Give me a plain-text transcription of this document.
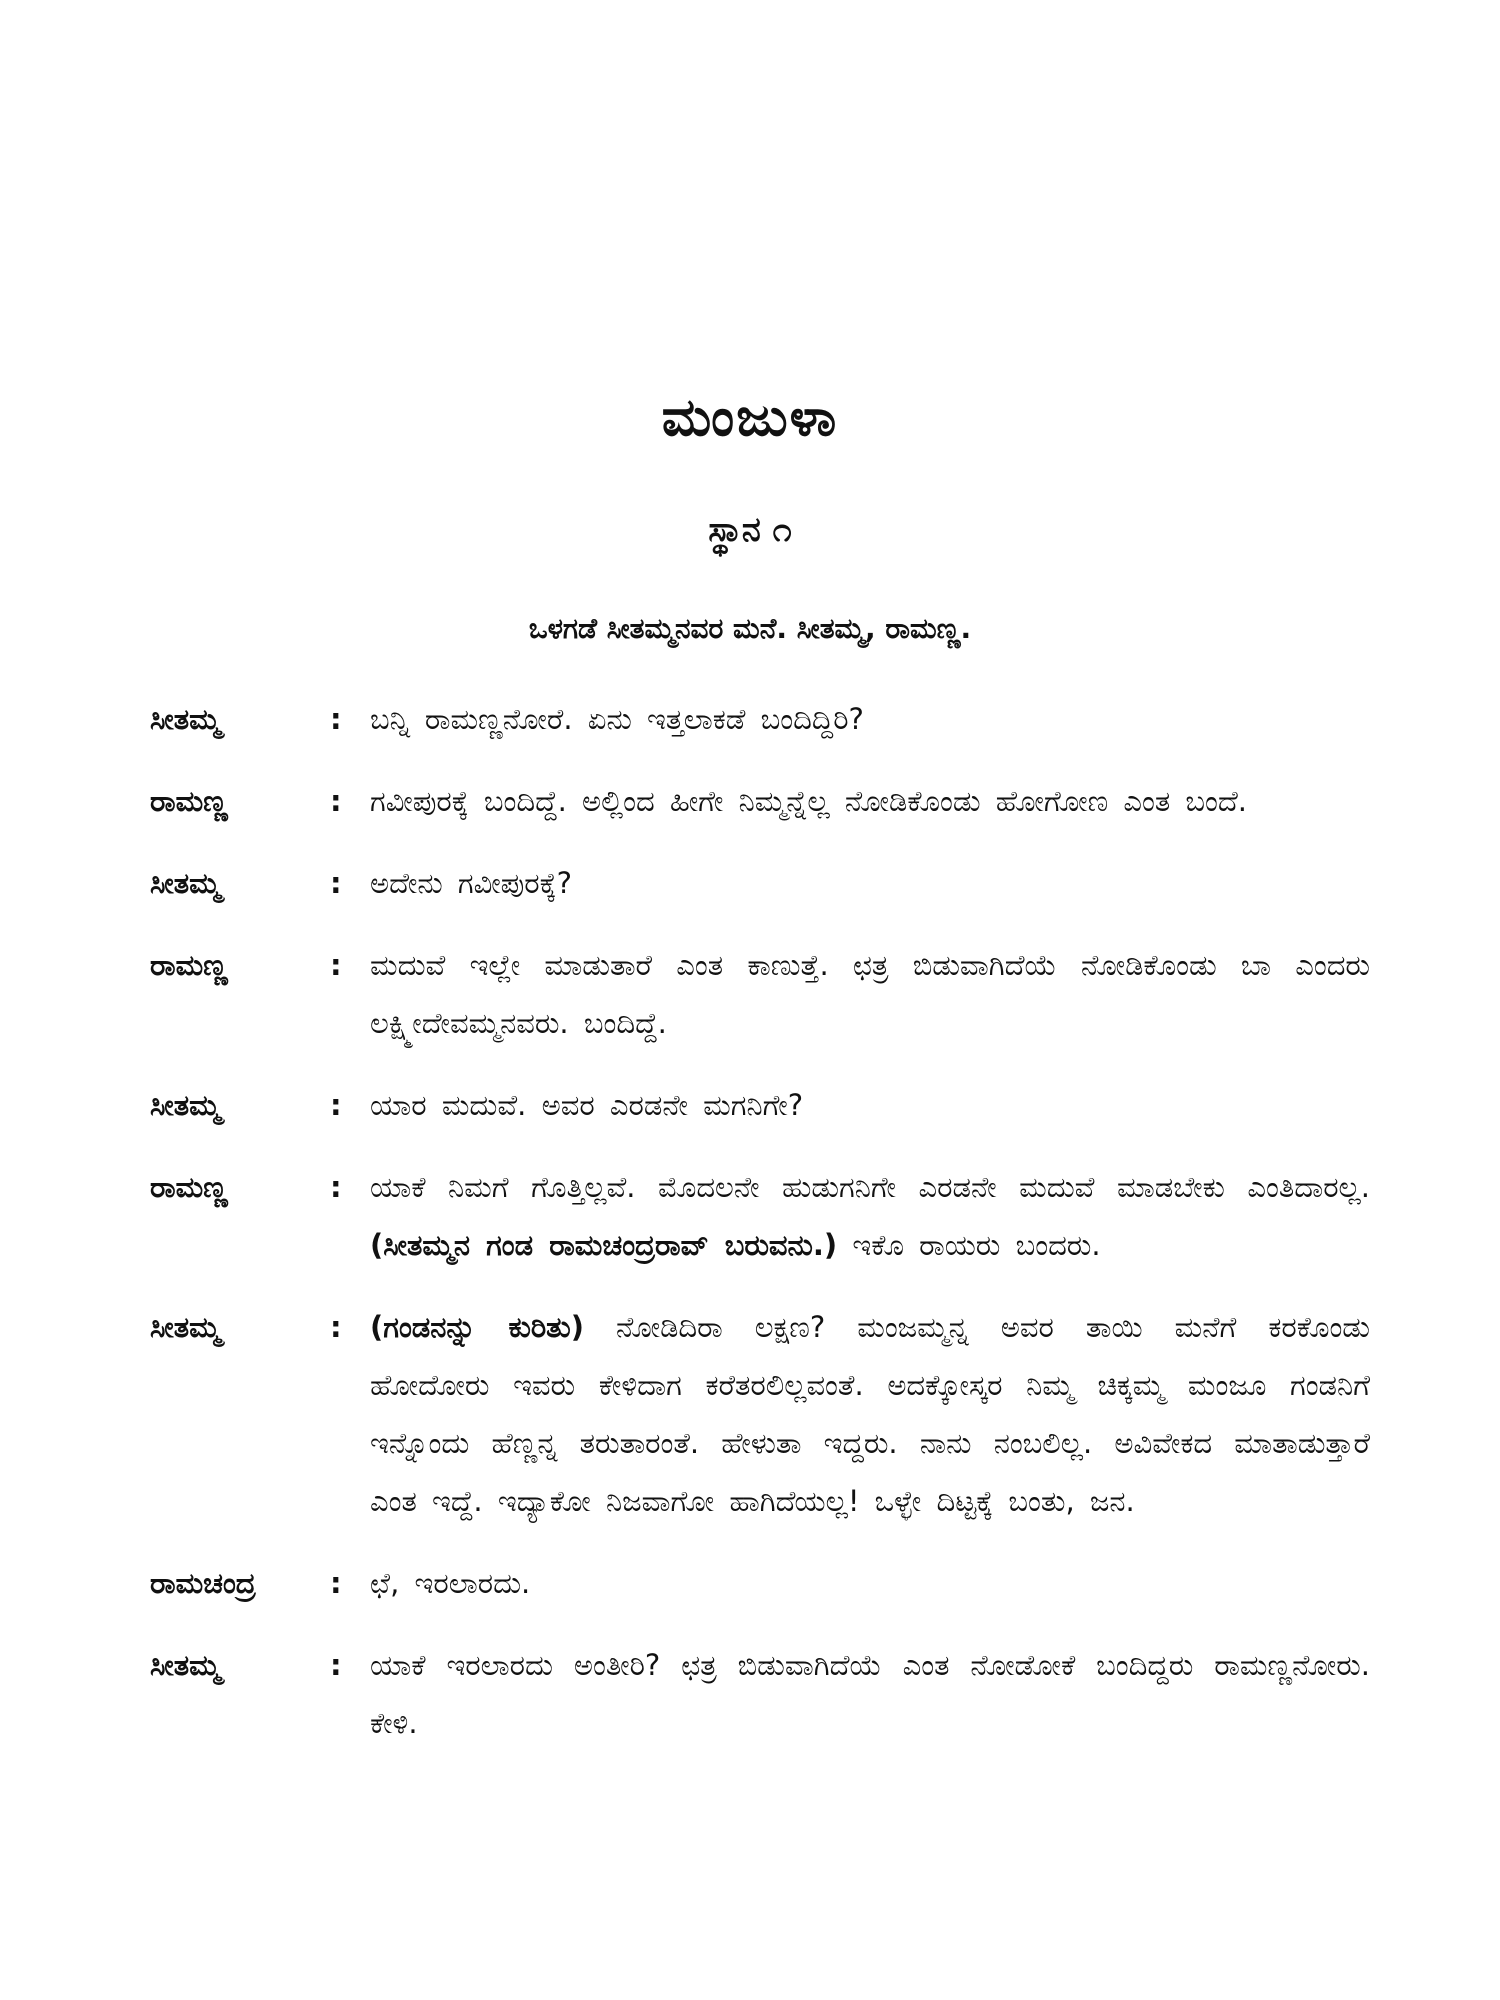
ಮಂಜುಳಾ
ಸ್ಥಾನ ೧
ಒಳಗಡೆ ಸೀತಮ್ಮನವರ ಮನೆ. ಸೀತಮ್ಮ, ರಾಮಣ್ಣ.
ಸೀತಮ್ಮ	: ಬನ್ನಿ ರಾಮಣ್ಣನೋರೆ. ಏನು ಇತ್ತಲಾಕಡೆ ಬಂದಿದ್ದಿರಿ?
ರಾಮಣ್ಣ	: ಗವೀಪುರಕ್ಕೆ ಬಂದಿದ್ದೆ. ಅಲ್ಲಿಂದ ಹೀಗೇ ನಿಮ್ಮನ್ನೆಲ್ಲ ನೋಡಿಕೊಂಡು ಹೋಗೋಣ ಎಂತ ಬಂದೆ.
ಸೀತಮ್ಮ	: ಅದೇನು ಗವೀಪುರಕ್ಕೆ?
ರಾಮಣ್ಣ	: ಮದುವೆ ಇಲ್ಲೇ ಮಾಡುತಾರೆ ಎಂತ ಕಾಣುತ್ತೆ. ಛತ್ರ ಬಿಡುವಾಗಿದೆಯೆ ನೋಡಿಕೊಂಡು ಬಾ ಎಂದರು ಲಕ್ಷ್ಮೀದೇವಮ್ಮನವರು. ಬಂದಿದ್ದೆ.
ಸೀತಮ್ಮ	: ಯಾರ ಮದುವೆ. ಅವರ ಎರಡನೇ ಮಗನಿಗೇ?
ರಾಮಣ್ಣ	: ಯಾಕೆ ನಿಮಗೆ ಗೊತ್ತಿಲ್ಲವೆ. ಮೊದಲನೇ ಹುಡುಗನಿಗೇ ಎರಡನೇ ಮದುವೆ ಮಾಡಬೇಕು ಎಂತಿದಾರಲ್ಲ. (ಸೀತಮ್ಮನ ಗಂಡ ರಾಮಚಂದ್ರರಾವ್ ಬರುವನು.) ಇಕೊ ರಾಯರು ಬಂದರು.
ಸೀತಮ್ಮ	: (ಗಂಡನನ್ನು ಕುರಿತು) ನೋಡಿದಿರಾ ಲಕ್ಷಣ? ಮಂಜಮ್ಮನ್ನ ಅವರ ತಾಯಿ ಮನೆಗೆ ಕರಕೊಂಡು ಹೋದೋರು ಇವರು ಕೇಳಿದಾಗ ಕರೆತರಲಿಲ್ಲವಂತೆ. ಅದಕ್ಕೋಸ್ಕರ ನಿಮ್ಮ ಚಿಕ್ಕಮ್ಮ ಮಂಜೂ ಗಂಡನಿಗೆ ಇನ್ನೊಂದು ಹೆಣ್ಣನ್ನ ತರುತಾರಂತೆ. ಹೇಳುತಾ ಇದ್ದರು. ನಾನು ನಂಬಲಿಲ್ಲ. ಅವಿವೇಕದ ಮಾತಾಡುತ್ತಾರೆ ಎಂತ ಇದ್ದೆ. ಇದ್ಯಾಕೋ ನಿಜವಾಗೋ ಹಾಗಿದೆಯಲ್ಲ! ಒಳ್ಳೇ ದಿಟ್ಟಕ್ಕೆ ಬಂತು, ಜನ.
ರಾಮಚಂದ್ರ	: ಛೆ, ಇರಲಾರದು.
ಸೀತಮ್ಮ	: ಯಾಕೆ ಇರಲಾರದು ಅಂತೀರಿ? ಛತ್ರ ಬಿಡುವಾಗಿದೆಯೆ ಎಂತ ನೋಡೋಕೆ ಬಂದಿದ್ದರು ರಾಮಣ್ಣನೋರು. ಕೇಳಿ.
